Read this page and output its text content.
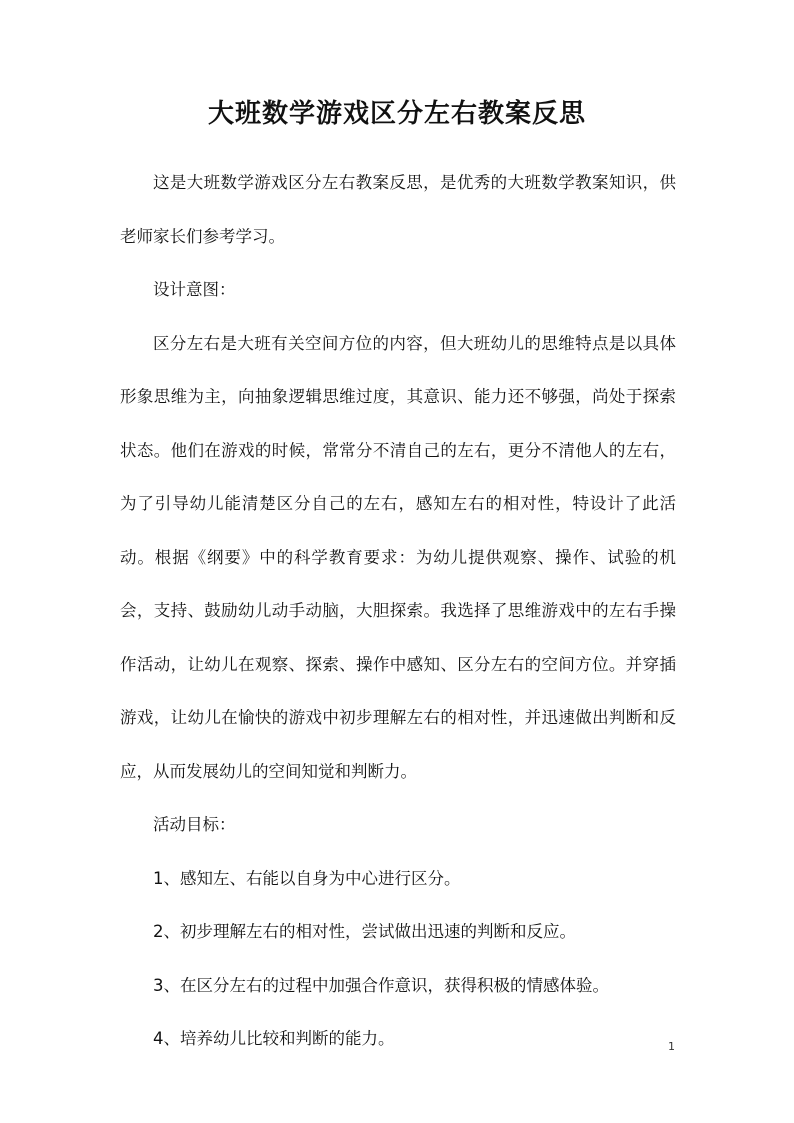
大班数学游戏区分左右教案反思

这是大班数学游戏区分左右教案反思，是优秀的大班数学教案知识，供老师家长们参考学习。

设计意图：

区分左右是大班有关空间方位的内容，但大班幼儿的思维特点是以具体形象思维为主，向抽象逻辑思维过度，其意识、能力还不够强，尚处于探索状态。他们在游戏的时候，常常分不清自己的左右，更分不清他人的左右，为了引导幼儿能清楚区分自己的左右，感知左右的相对性，特设计了此活动。根据《纲要》中的科学教育要求：为幼儿提供观察、操作、试验的机会，支持、鼓励幼儿动手动脑，大胆探索。我选择了思维游戏中的左右手操作活动，让幼儿在观察、探索、操作中感知、区分左右的空间方位。并穿插游戏，让幼儿在愉快的游戏中初步理解左右的相对性，并迅速做出判断和反应，从而发展幼儿的空间知觉和判断力。

活动目标：

1、感知左、右能以自身为中心进行区分。

2、初步理解左右的相对性，尝试做出迅速的判断和反应。

3、在区分左右的过程中加强合作意识，获得积极的情感体验。

4、培养幼儿比较和判断的能力。	1
